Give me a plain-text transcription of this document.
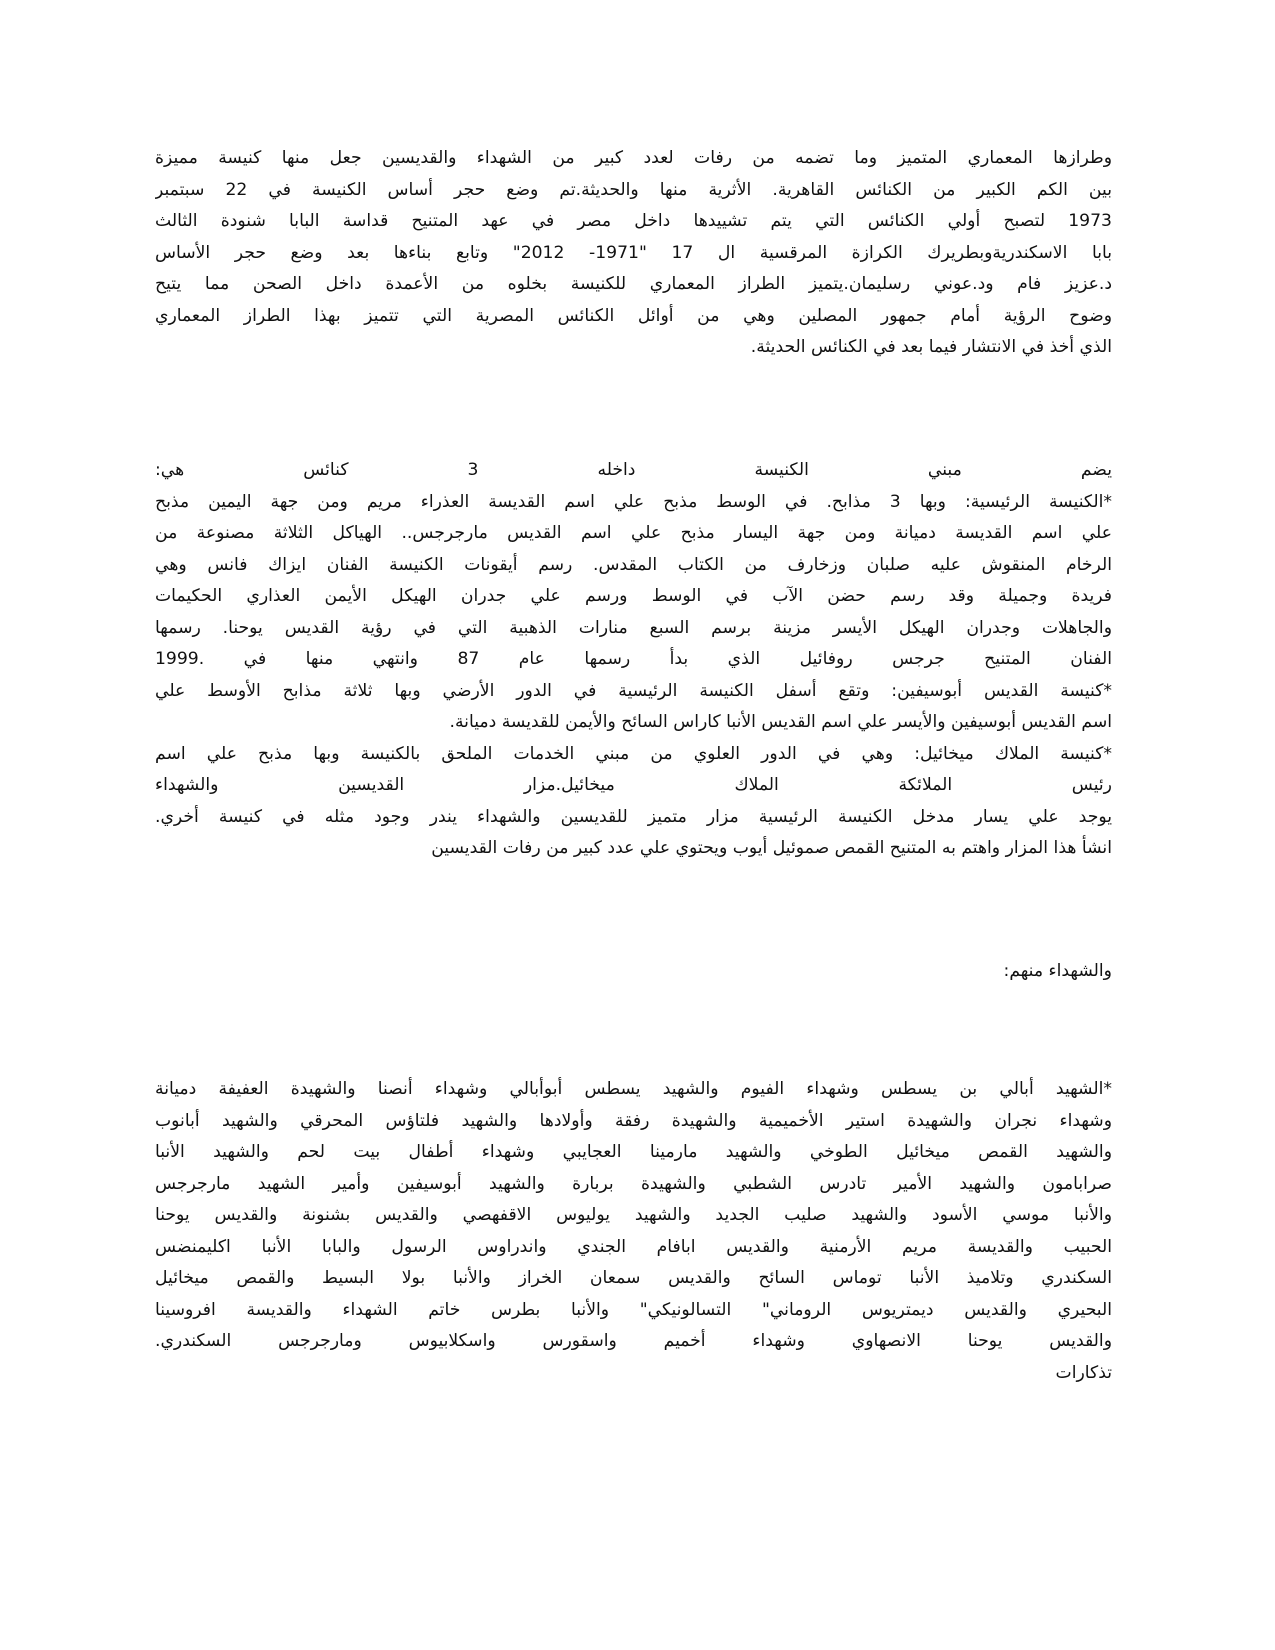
وطرازها المعماري المتميز وما تضمه من رفات لعدد كبير من الشهداء والقديسين جعل منها كنيسة مميزة
بين الكم الكبير من الكنائس القاهرية. الأثرية منها والحديثة.تم وضع حجر أساس الكنيسة في 22 سبتمبر
1973 لتصبح أولي الكنائس التي يتم تشييدها داخل مصر في عهد المتنيح قداسة البابا شنودة الثالث
بابا الاسكندريةوبطريرك الكرازة المرقسية ال 17 "1971- 2012" وتابع بناءها بعد وضع حجر الأساس
د.عزيز فام ود.عوني رسليمان.يتميز الطراز المعماري للكنيسة بخلوه من الأعمدة داخل الصحن مما يتيح
وضوح الرؤية أمام جمهور المصلين وهي من أوائل الكنائس المصرية التي تتميز بهذا الطراز المعماري
الذي أخذ في الانتشار فيما بعد في الكنائس الحديثة.
يضم مبني الكنيسة داخله 3 كنائس هي:
*الكنيسة الرئيسية: وبها 3 مذابح. في الوسط مذبح علي اسم القديسة العذراء مريم ومن جهة اليمين مذبح
علي اسم القديسة دميانة ومن جهة اليسار مذبح علي اسم القديس مارجرجس.. الهياكل الثلاثة مصنوعة من
الرخام المنقوش عليه صلبان وزخارف من الكتاب المقدس. رسم أيقونات الكنيسة الفنان ايزاك فانس وهي
فريدة وجميلة وقد رسم حضن الآب في الوسط ورسم علي جدران الهيكل الأيمن العذاري الحكيمات
والجاهلات وجدران الهيكل الأيسر مزينة برسم السبع منارات الذهبية التي في رؤية القديس يوحنا. رسمها
الفنان المتنيح جرجس روفائيل الذي بدأ رسمها عام 87 وانتهي منها في .1999
*كنيسة القديس أبوسيفين: وتقع أسفل الكنيسة الرئيسية في الدور الأرضي وبها ثلاثة مذابح الأوسط علي
اسم القديس أبوسيفين والأيسر علي اسم القديس الأنبا كاراس السائح والأيمن للقديسة دميانة.
*كنيسة الملاك ميخائيل: وهي في الدور العلوي من مبني الخدمات الملحق بالكنيسة وبها مذبح علي اسم
رئيس الملائكة الملاك ميخائيل.مزار القديسين والشهداء
يوجد علي يسار مدخل الكنيسة الرئيسية مزار متميز للقديسين والشهداء يندر وجود مثله في كنيسة أخري.
انشأ هذا المزار واهتم به المتنيح القمص صموئيل أيوب ويحتوي علي عدد كبير من رفات القديسين
والشهداء منهم:
*الشهيد أبالي بن يسطس وشهداء الفيوم والشهيد يسطس أبوأبالي وشهداء أنصنا والشهيدة العفيفة دميانة
وشهداء نجران والشهيدة استير الأخميمية والشهيدة رفقة وأولادها والشهيد فلتاؤس المحرقي والشهيد أبانوب
والشهيد القمص ميخائيل الطوخي والشهيد مارمينا العجايبي وشهداء أطفال بيت لحم والشهيد الأنبا
صرابامون والشهيد الأمير تادرس الشطبي والشهيدة بربارة والشهيد أبوسيفين وأمير الشهيد مارجرجس
والأنبا موسي الأسود والشهيد صليب الجديد والشهيد يوليوس الاقفهصي والقديس بشنونة والقديس يوحنا
الحبيب والقديسة مريم الأرمنية والقديس ابافام الجندي واندراوس الرسول والبابا الأنبا اكليمنضس
السكندري وتلاميذ الأنبا توماس السائح والقديس سمعان الخراز والأنبا بولا البسيط والقمص ميخائيل
البحيري والقديس ديمتريوس الروماني" التسالونيكي" والأنبا بطرس خاتم الشهداء والقديسة افروسينا
والقديس يوحنا الانصهاوي وشهداء أخميم واسقورس واسكلابيوس ومارجرجس السكندري.
تذكارات
